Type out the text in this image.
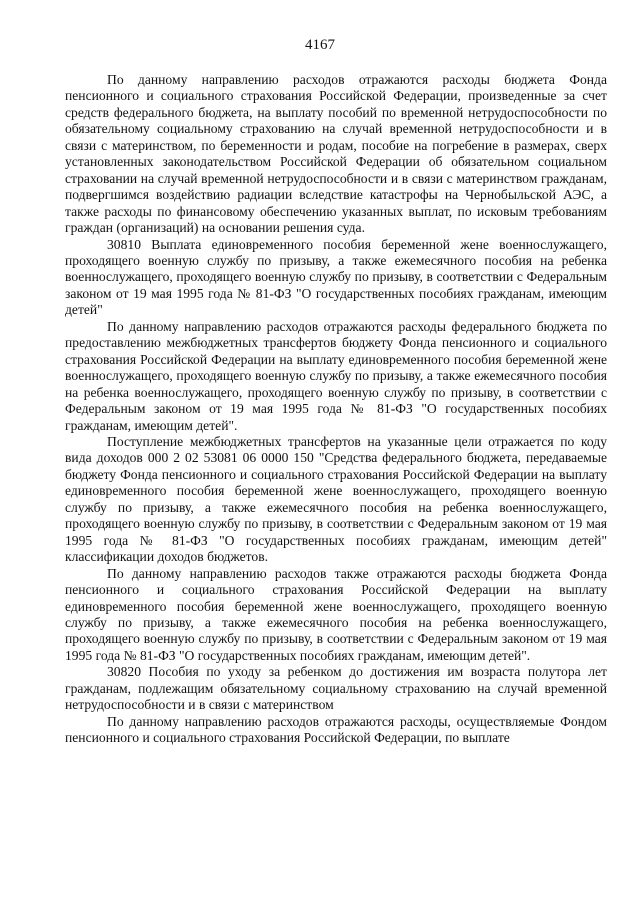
4167

По данному направлению расходов отражаются расходы бюджета Фонда пенсионного и социального страхования Российской Федерации, произведенные за счет средств федерального бюджета, на выплату пособий по временной нетрудоспособности по обязательному социальному страхованию на случай временной нетрудоспособности и в связи с материнством, по беременности и родам, пособие на погребение в размерах, сверх установленных законодательством Российской Федерации об обязательном социальном страховании на случай временной нетрудоспособности и в связи с материнством гражданам, подвергшимся воздействию радиации вследствие катастрофы на Чернобыльской АЭС, а также расходы по финансовому обеспечению указанных выплат, по исковым требованиям граждан (организаций) на основании решения суда.

30810 Выплата единовременного пособия беременной жене военнослужащего, проходящего военную службу по призыву, а также ежемесячного пособия на ребенка военнослужащего, проходящего военную службу по призыву, в соответствии с Федеральным законом от 19 мая 1995 года № 81-ФЗ "О государственных пособиях гражданам, имеющим детей"

По данному направлению расходов отражаются расходы федерального бюджета по предоставлению межбюджетных трансфертов бюджету Фонда пенсионного и социального страхования Российской Федерации на выплату единовременного пособия беременной жене военнослужащего, проходящего военную службу по призыву, а также ежемесячного пособия на ребенка военнослужащего, проходящего военную службу по призыву, в соответствии с Федеральным законом от 19 мая 1995 года № 81-ФЗ "О государственных пособиях гражданам, имеющим детей".

Поступление межбюджетных трансфертов на указанные цели отражается по коду вида доходов 000 2 02 53081 06 0000 150 "Средства федерального бюджета, передаваемые бюджету Фонда пенсионного и социального страхования Российской Федерации на выплату единовременного пособия беременной жене военнослужащего, проходящего военную службу по призыву, а также ежемесячного пособия на ребенка военнослужащего, проходящего военную службу по призыву, в соответствии с Федеральным законом от 19 мая 1995 года № 81-ФЗ "О государственных пособиях гражданам, имеющим детей" классификации доходов бюджетов.

По данному направлению расходов также отражаются расходы бюджета Фонда пенсионного и социального страхования Российской Федерации на выплату единовременного пособия беременной жене военнослужащего, проходящего военную службу по призыву, а также ежемесячного пособия на ребенка военнослужащего, проходящего военную службу по призыву, в соответствии с Федеральным законом от 19 мая 1995 года № 81-ФЗ "О государственных пособиях гражданам, имеющим детей".

30820 Пособия по уходу за ребенком до достижения им возраста полутора лет гражданам, подлежащим обязательному социальному страхованию на случай временной нетрудоспособности и в связи с материнством

По данному направлению расходов отражаются расходы, осуществляемые Фондом пенсионного и социального страхования Российской Федерации, по выплате
